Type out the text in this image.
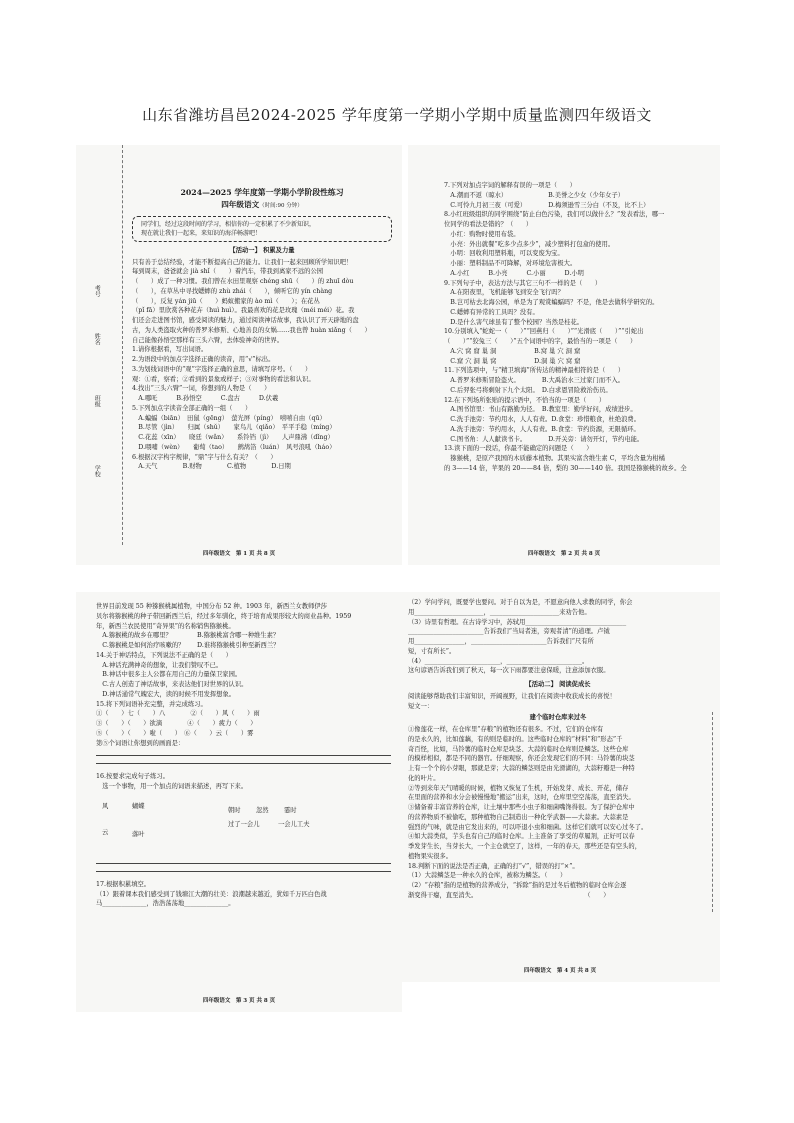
山东省潍坊昌邑2024-2025 学年度第一学期小学期中质量监测四年级语文
姓名
考号
班级
学校
2024—2025 学年度第一学期小学阶段性练习
四年级语文（时间:90 分钟）

同学们，经过这段时间的学习，相信你的一定积累了不少新知识，

现在就让我们一起来，来知识的海洋畅游吧！

【活动一】 积累及力量

只有善于总结经验，才能不断提高自己的能力。让我们一起来回顾所学知识吧！

每到周末，爸爸就会 jià shǐ（　　）着汽车，带我到离家不远的公园

（　　）成了一种习惯。我们曾在水田里观察 chéng shū（　　）的 zhuī dòu

（　　），在草丛中寻找蟋蟀的 zhù zhái（　　），倾听它的 yín chàng

（　　），反复 yán jiū（　　）蚂蚁搬家的 ào mì（　　）；在花丛

（pǐ fā）里欣赏各种花卉（huì huì）。我最喜欢的花是玫瑰（méi méi）花。我

们还会走进图书馆，感受阅读的魅力，通过阅读神话故事，我认识了开天辟地的盘

古，为人类盗取火种的普罗米修斯、心地善良的女娲……我也曾 huàn xiǎng（　　）

自己能像孙悟空那样有三头六臂，去体验神奇的世界。

1.请你根据看，写出词语。

2.为语段中的加点字选择正确的读音，用“√”标出。

3.为划线词语中的“观”字选择正确的意思，请填写序号。（　　）

观：①看，察看；②看到的景象或样子；③对事物的看法和认识。

4.找出“三头六臂”一词，你想到的人物是（　　）

　A.哪吒　　　B.孙悟空　　　C.盘古　　　D.伏羲

5.下列加点字读音全部正确的一组（　　）

　A.蝙蝠（biān）　田鼠（gēng）　萤光屏（píng）　嘻嘻自由（qū）

　B.尽管（jìn）　　归属（shǔ）　　家鸟儿（qiǎo）　平平手稳（míng）

　C.花蕊（xīn）　　晓廷（wǎn）　　系铃铛（jì）　　人声鼎沸（dǐng）

　D.喂哺（wèn）　　葡萄（tao）　　鹧鸪箔（luán）　风号浪吼（háo）

6.根据汉字构字规律，“鼎”字与什么有关？（　　）

　A.天气　　　　B.财物　　　　C.植物　　　　D.日期

四年级语文　第 1 页 共 8 页

7.下列对加点字词的解释有误的一项是（　　）

　A.潮而不返（晾水）　　　　　　　B.美誉之少女（少年女子）

　C.可怜九月初三夜（可爱）　　　　D.梅须逊雪三分白（不及，比不上）

8.小红班级组织的同学围绕“防止白色污染，我们可以做什么？”发表看法，哪一

位同学的看法是错的？（　　）

　小红：购物时使用布袋。

　小亮：外出就餐“吃多少点多少”，减少塑料打包盒的使用。

　小明：回收利用塑料瓶，可以变废为宝。

　小丽：塑料制品不可降解，对环境危害极大。

　A.小红　　　B.小亮　　　C.小丽　　　D.小明

9.下列句子中，表达方法与其它三句不一样的是（　　）

　A.在阳夜里，飞机能够飞到安全飞行吗？

　B.岂可枯去北海公园，单是为了观赏蝙蝠吗？不是，他是去做科学研究的。

　C.蟋蟀有异常的工具吗？没有。

　D.是什么害气球虽有了整个校园？当然是桂花。

10.分别填入“蛇蛇一（　　）”“回燕归（　　）”“光滑底（　　）”“引蛇出

（　　）”“狡兔三（　　）”五个词语中的字，最恰当的一项是（　　）

　A.穴 窝 窟 巢 洞　　　　　　B.窝 巢 穴 洞 窟

　C.窟 穴 洞 巢 窝　　　　　　D.洞 巢 穴 窝 窟

11.下列选项中，与“精卫填海”所传达的精神最相符的是（　　）

　A.普罗米修斯冒险盗火。　　　　B.大禹治水三过家门而不入。

　C.后羿张弓将剩射下九个太阳。　D.白求恩冒险救治伤员。

12.在下列场所张贴的提示语中，不恰当的一项是（　　）

　A.图书馆里：书山有路勤为径。　B.教室里：勤学好问，成绩进步。

　C.洗手池旁：节约用水，人人有责。D.食堂：珍惜粮食，杜绝浪费。

　A.洗手池旁：节约用水，人人有责。B.食堂：节约资源，无限循环。

　C.图书角：人人献读书卡。　　　　D.开关旁：请勿开灯，节约电能。

13.读下面的一段话，你最不能确定的问题是（　　）

　猕猴桃，是原产我国的木质藤本植物。其果实富含维生素 C，平均含量为柑橘

的 3——14 倍，苹果的 20——84 倍，梨的 30——140 倍。我国是猕猴桃的故乡。全

四年级语文　第 2 页 共 8 页

世界目前发现 55 种猕猴桃属植物，中国分布 52 种。1903 年，新西兰女教师伊莎

贝尔将猕猴桃的种子带回新西兰后，经过多年驯化，终于培育成果形较大的商业品种。1959

年，新西兰农民使用“奇异果”的名称销售猕猴桃。

　A.猕猴桃的故乡在哪里？　　　　B.猕猴桃富含哪一种维生素？

　C.猕猴桃是如何治疗咳嗽的？　　D.谁将猕猴桃引种至新西兰？

14.关于神话特点，下列说法不正确的是（　　）

　A.神话充满神奇的想象，让我们赞叹不已。

　B.神话中很多主人公都在用自己的力量保卫家园。

　C.古人创造了神话故事，来表达他们对世界的认识。

　D.神话通常气魄宏大，读的时候不用发挥想象。

15.将下列词语补充完整，并完成练习。

①（　　）七（　　）八　　　　②（　　）风（　　）雨

③（　　）（　　）欲滴　　　　④（　　）疲力（　　）

⑤（　　）（　　）啦（　　）　⑥（　　）云（　　）雾

第⑤个词语让你想到的画面是：

16.按要求完成句子练习。

　选一个事物，用一个加点的词语来描述，再写下来。

风	蝴蝶
云	落叶
朝时 忽然 霎时
过了一会儿	一会儿工夫

17.根据积累填空。

（1）跟着课本我们感受到了钱塘江大潮的壮美：浪潮越来越近，犹如千万匹白色战

马______________，浩浩荡荡地______________。

四年级语文　第 3 页 共 8 页

（2）学问学问，既要学也要问。对于自以为是，不愿意向他人求教的同学，你会

用______________________，______________________来劝告他。

（3）诗里有哲理。在古诗学习中，苏轼用________________________________

________________________告诉我们“当局者迷，旁观者清”的道理。卢钺

用________________，________________________告诉我们“尺有所

短，寸有所长”。

（4）________________________，________________________。

这句谚语告诉我们到了秋天，每一次下雨都要注意保暖，注意添加衣服。

【活动二】 阅读促成长

阅读能够帮助我们丰富知识，开阔视野，让我们在阅读中收获成长的喜悦！

短文一：

建个临时仓库来过冬

①像莲花一样，在仓库里“存粮”的植物还有很多。不过，它们的仓库有

的是永久的，比如莲藕，有的则是临时的。这些临时仓库的“材料”和“形态”千

奇百怪，比如，马铃薯的临时仓库是块茎、大蒜的临时仓库则是鳞茎。这些仓库

的模样相似，都是不同的器官。仔细观察，你还会发现它们的不同：马铃薯的块茎

上有一个个的小芽眼，那就是芽；大蒜的鳞茎则是由光滑湖的，大蒜籽瓣是一种特

化的叶片。

②等到来年天气晴暖的时候，植物又恢复了生机，开始发芽、成长、开花，储存

在里面的营养和水分会被慢慢地“搬运”出来，这时，仓库里空空荡荡，直至消失。

③储备着丰富营养的仓库，让土壤中那些小虫子和细菌嘴馋得很。为了保护仓库中

的营养物质不被偷吃，那种植物自己制造出一种化学武器——大蒜素。大蒜素是

强烈的气味，就是由它发出来的，可以吓退小虫和细菌。这样它们就可以安心过冬了。

④如大蒜类似，芋头也有自己的临时仓库。上主准备了享受的草履剂，正好可以春

季发芽生长，当芽长大，一个主仓就空了，这样，一年的春天，那些还是有空头的，

植物果实很多。

18.判断下面的说法是否正确，正确的打“√”，错误的打“×”。

（1）大蒜鳞茎是一种永久的仓库，被称为鳞茎。（　　）

（2）“存粮”指的是植物的营养成分，“拆除”指的是过冬后植物的临时仓库会逐

渐变得干瘪，直至消失。　　　　　　　　　　　　　　　　　　（　　）

四年级语文　第 4 页 共 8 页
